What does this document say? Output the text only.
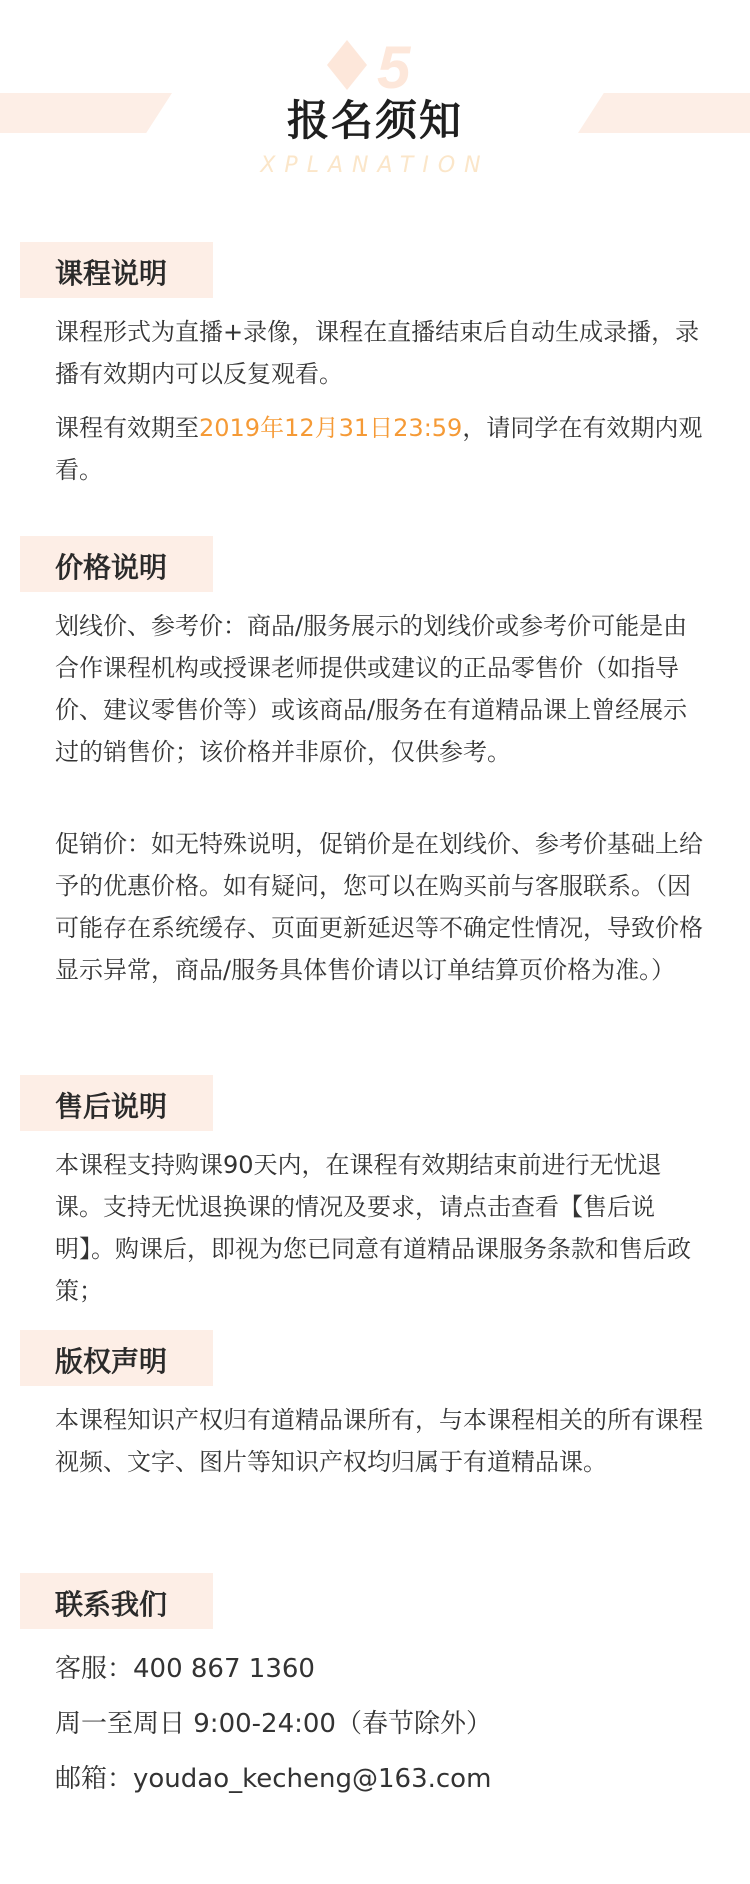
5
报名须知
XPLANATION
课程说明
课程形式为直播+录像，课程在直播结束后自动生成录播，录播有效期内可以反复观看。
课程有效期至2019年12月31日23:59，请同学在有效期内观看。
价格说明
划线价、参考价：商品/服务展示的划线价或参考价可能是由合作课程机构或授课老师提供或建议的正品零售价（如指导价、建议零售价等）或该商品/服务在有道精品课上曾经展示过的销售价；该价格并非原价，仅供参考。
促销价：如无特殊说明，促销价是在划线价、参考价基础上给予的优惠价格。如有疑问，您可以在购买前与客服联系。（因可能存在系统缓存、页面更新延迟等不确定性情况，导致价格显示异常，商品/服务具体售价请以订单结算页价格为准。）
售后说明
本课程支持购课90天内，在课程有效期结束前进行无忧退课。支持无忧退换课的情况及要求，请点击查看【售后说明】。购课后，即视为您已同意有道精品课服务条款和售后政策；
版权声明
本课程知识产权归有道精品课所有，与本课程相关的所有课程视频、文字、图片等知识产权均归属于有道精品课。
联系我们
客服：400 867 1360
周一至周日 9:00-24:00（春节除外）
邮箱：youdao_kecheng@163.com
